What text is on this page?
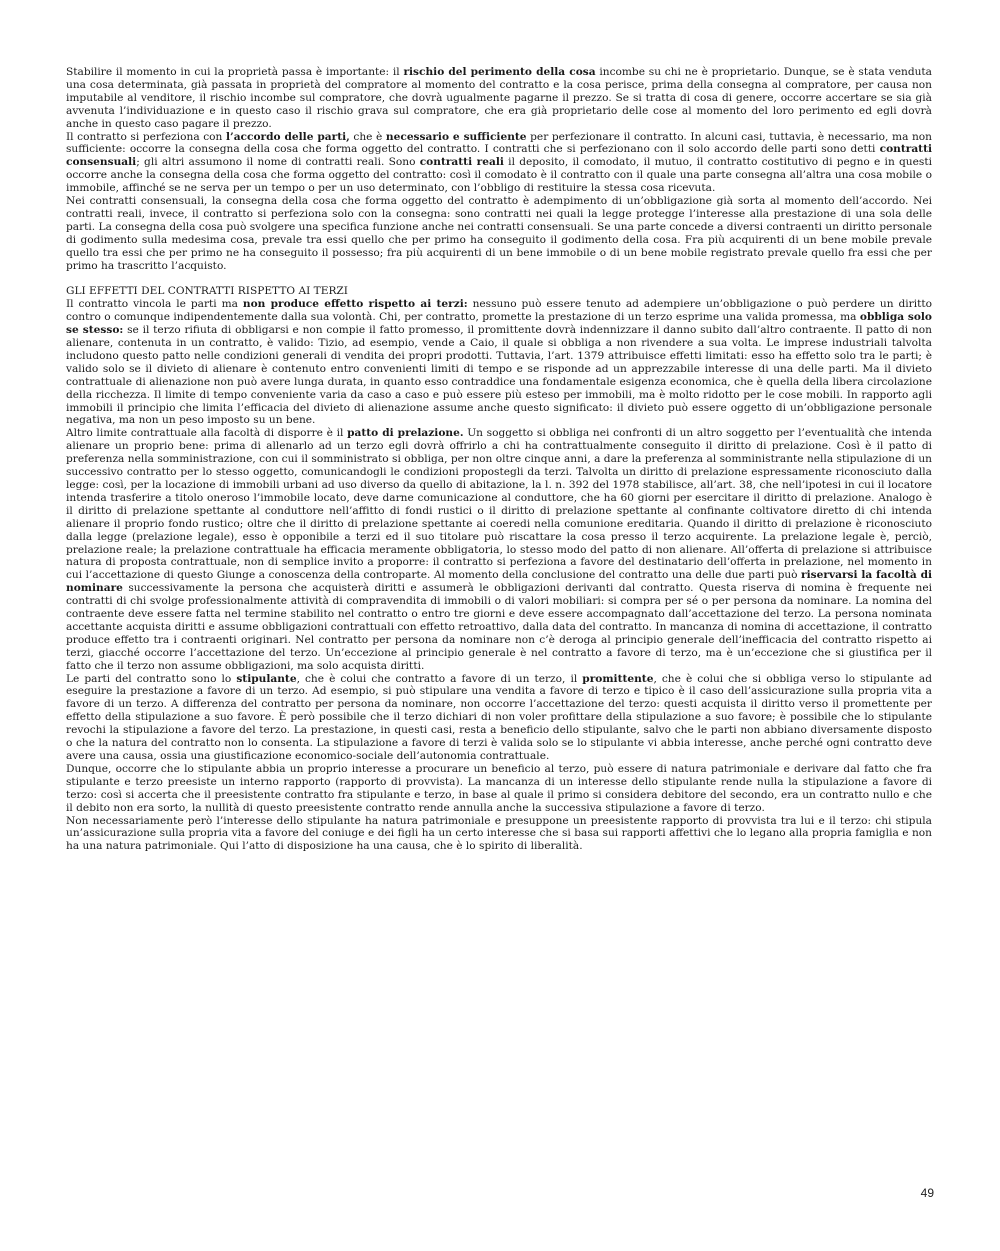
Stabilire il momento in cui la proprietà passa è importante: il rischio del perimento della cosa incombe su chi ne è proprietario. Dunque, se è stata venduta una cosa determinata, già passata in proprietà del compratore al momento del contratto e la cosa perisce, prima della consegna al compratore, per causa non imputabile al venditore, il rischio incombe sul compratore, che dovrà ugualmente pagarne il prezzo. Se si tratta di cosa di genere, occorre accertare se sia già avvenuta l’individuazione e in questo caso il rischio grava sul compratore, che era già proprietario delle cose al momento del loro perimento ed egli dovrà anche in questo caso pagare il prezzo.

Il contratto si perfeziona con l’accordo delle parti, che è necessario e sufficiente per perfezionare il contratto. In alcuni casi, tuttavia, è necessario, ma non sufficiente: occorre la consegna della cosa che forma oggetto del contratto. I contratti che si perfezionano con il solo accordo delle parti sono detti contratti consensuali; gli altri assumono il nome di contratti reali. Sono contratti reali il deposito, il comodato, il mutuo, il contratto costitutivo di pegno e in questi occorre anche la consegna della cosa che forma oggetto del contratto: così il comodato è il contratto con il quale una parte consegna all’altra una cosa mobile o immobile, affinché se ne serva per un tempo o per un uso determinato, con l’obbligo di restituire la stessa cosa ricevuta.

Nei contratti consensuali, la consegna della cosa che forma oggetto del contratto è adempimento di un’obbligazione già sorta al momento dell’accordo. Nei contratti reali, invece, il contratto si perfeziona solo con la consegna: sono contratti nei quali la legge protegge l’interesse alla prestazione di una sola delle parti. La consegna della cosa può svolgere una specifica funzione anche nei contratti consensuali. Se una parte concede a diversi contraenti un diritto personale di godimento sulla medesima cosa, prevale tra essi quello che per primo ha conseguito il godimento della cosa. Fra più acquirenti di un bene mobile prevale quello tra essi che per primo ne ha conseguito il possesso; fra più acquirenti di un bene immobile o di un bene mobile registrato prevale quello fra essi che per primo ha trascritto l’acquisto.

GLI EFFETTI DEL CONTRATTI RISPETTO AI TERZI

Il contratto vincola le parti ma non produce effetto rispetto ai terzi: nessuno può essere tenuto ad adempiere un’obbligazione o può perdere un diritto contro o comunque indipendentemente dalla sua volontà. Chi, per contratto, promette la prestazione di un terzo esprime una valida promessa, ma obbliga solo se stesso: se il terzo rifiuta di obbligarsi e non compie il fatto promesso, il promittente dovrà indennizzare il danno subito dall’altro contraente. Il patto di non alienare, contenuta in un contratto, è valido: Tizio, ad esempio, vende a Caio, il quale si obbliga a non rivendere a sua volta. Le imprese industriali talvolta includono questo patto nelle condizioni generali di vendita dei propri prodotti. Tuttavia, l’art. 1379 attribuisce effetti limitati: esso ha effetto solo tra le parti; è valido solo se il divieto di alienare è contenuto entro convenienti limiti di tempo e se risponde ad un apprezzabile interesse di una delle parti. Ma il divieto contrattuale di alienazione non può avere lunga durata, in quanto esso contraddice una fondamentale esigenza economica, che è quella della libera circolazione della ricchezza. Il limite di tempo conveniente varia da caso a caso e può essere più esteso per immobili, ma è molto ridotto per le cose mobili. In rapporto agli immobili il principio che limita l’efficacia del divieto di alienazione assume anche questo significato: il divieto può essere oggetto di un’obbligazione personale negativa, ma non un peso imposto su un bene.

Altro limite contrattuale alla facoltà di disporre è il patto di prelazione. Un soggetto si obbliga nei confronti di un altro soggetto per l’eventualità che intenda alienare un proprio bene: prima di allenarlo ad un terzo egli dovrà offrirlo a chi ha contrattualmente conseguito il diritto di prelazione. Così è il patto di preferenza nella somministrazione, con cui il somministrato si obbliga, per non oltre cinque anni, a dare la preferenza al somministrante nella stipulazione di un successivo contratto per lo stesso oggetto, comunicandogli le condizioni propostegli da terzi. Talvolta un diritto di prelazione espressamente riconosciuto dalla legge: così, per la locazione di immobili urbani ad uso diverso da quello di abitazione, la l. n. 392 del 1978 stabilisce, all’art. 38, che nell’ipotesi in cui il locatore intenda trasferire a titolo oneroso l’immobile locato, deve darne comunicazione al conduttore, che ha 60 giorni per esercitare il diritto di prelazione. Analogo è il diritto di prelazione spettante al conduttore nell’affitto di fondi rustici o il diritto di prelazione spettante al confinante coltivatore diretto di chi intenda alienare il proprio fondo rustico; oltre che il diritto di prelazione spettante ai coeredi nella comunione ereditaria. Quando il diritto di prelazione è riconosciuto dalla legge (prelazione legale), esso è opponibile a terzi ed il suo titolare può riscattare la cosa presso il terzo acquirente. La prelazione legale è, perciò, prelazione reale; la prelazione contrattuale ha efficacia meramente obbligatoria, lo stesso modo del patto di non alienare. All’offerta di prelazione si attribuisce natura di proposta contrattuale, non di semplice invito a proporre: il contratto si perfeziona a favore del destinatario dell’offerta in prelazione, nel momento in cui l’accettazione di questo Giunge a conoscenza della controparte. Al momento della conclusione del contratto una delle due parti può riservarsi la facoltà di nominare successivamente la persona che acquisterà diritti e assumerà le obbligazioni derivanti dal contratto. Questa riserva di nomina è frequente nei contratti di chi svolge professionalmente attività di compravendita di immobili o di valori mobiliari: si compra per sé o per persona da nominare. La nomina del contraente deve essere fatta nel termine stabilito nel contratto o entro tre giorni e deve essere accompagnato dall’accettazione del terzo. La persona nominata accettante acquista diritti e assume obbligazioni contrattuali con effetto retroattivo, dalla data del contratto. In mancanza di nomina di accettazione, il contratto produce effetto tra i contraenti originari. Nel contratto per persona da nominare non c’è deroga al principio generale dell’inefficacia del contratto rispetto ai terzi, giacché occorre l’accettazione del terzo. Un’eccezione al principio generale è nel contratto a favore di terzo, ma è un’eccezione che si giustifica per il fatto che il terzo non assume obbligazioni, ma solo acquista diritti.

Le parti del contratto sono lo stipulante, che è colui che contratto a favore di un terzo, il promittente, che è colui che si obbliga verso lo stipulante ad eseguire la prestazione a favore di un terzo. Ad esempio, si può stipulare una vendita a favore di terzo e tipico è il caso dell’assicurazione sulla propria vita a favore di un terzo. A differenza del contratto per persona da nominare, non occorre l’accettazione del terzo: questi acquista il diritto verso il promettente per effetto della stipulazione a suo favore. È però possibile che il terzo dichiari di non voler profittare della stipulazione a suo favore; è possibile che lo stipulante revochi la stipulazione a favore del terzo. La prestazione, in questi casi, resta a beneficio dello stipulante, salvo che le parti non abbiano diversamente disposto o che la natura del contratto non lo consenta. La stipulazione a favore di terzi è valida solo se lo stipulante vi abbia interesse, anche perché ogni contratto deve avere una causa, ossia una giustificazione economico-sociale dell’autonomia contrattuale.

Dunque, occorre che lo stipulante abbia un proprio interesse a procurare un beneficio al terzo, può essere di natura patrimoniale e derivare dal fatto che fra stipulante e terzo preesiste un interno rapporto (rapporto di provvista). La mancanza di un interesse dello stipulante rende nulla la stipulazione a favore di terzo: così si accerta che il preesistente contratto fra stipulante e terzo, in base al quale il primo si considera debitore del secondo, era un contratto nullo e che il debito non era sorto, la nullità di questo preesistente contratto rende annulla anche la successiva stipulazione a favore di terzo.

Non necessariamente però l’interesse dello stipulante ha natura patrimoniale e presuppone un preesistente rapporto di provvista tra lui e il terzo: chi stipula un’assicurazione sulla propria vita a favore del coniuge e dei figli ha un certo interesse che si basa sui rapporti affettivi che lo legano alla propria famiglia e non ha una natura patrimoniale. Qui l’atto di disposizione ha una causa, che è lo spirito di liberalità.

49
